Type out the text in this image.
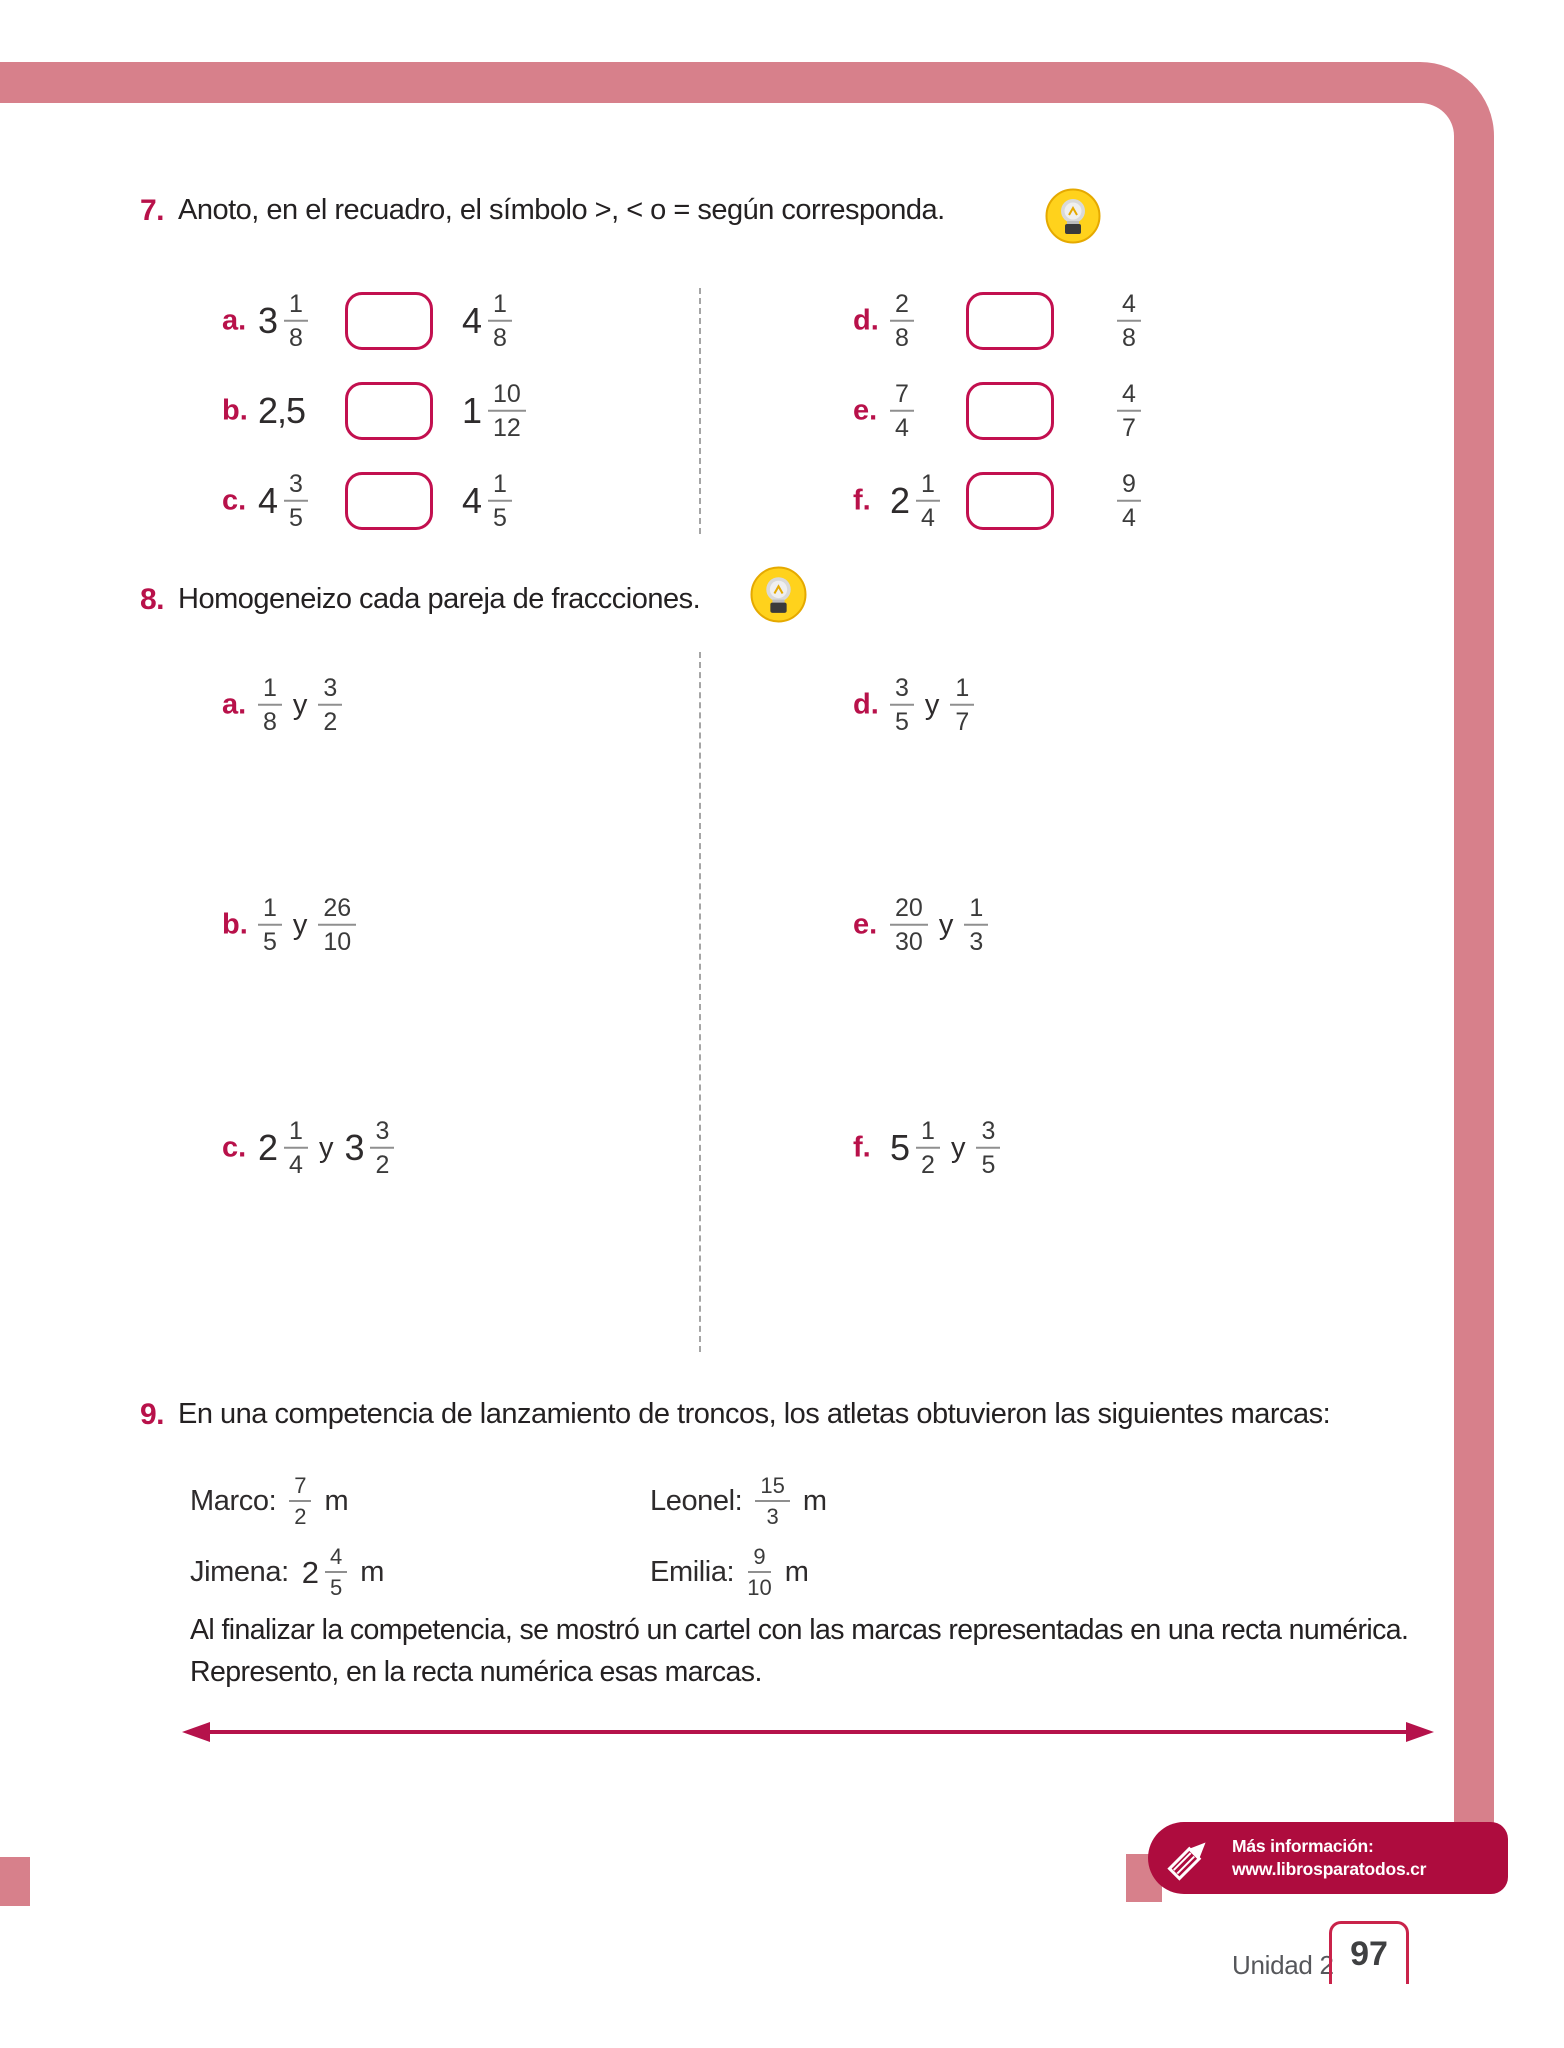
7. Anoto, en el recuadro, el símbolo >, < o = según corresponda.
a. $3 \frac{1}{8}$	$4 \frac{1}{8}$
b. 2,5	$1 \frac{10}{12}$
c. $4 \frac{3}{5}$	$4 \frac{1}{5}$
d. $\frac{2}{8}$	$\frac{4}{8}$
e. $\frac{7}{4}$	$\frac{4}{7}$
f. $2 \frac{1}{4}$	$\frac{9}{4}$
8. Homogeneizo cada pareja de fraccciones.
a. $\frac{1}{8}$ y $\frac{3}{2}$
b. $\frac{1}{5}$ y $\frac{26}{10}$
c. $2 \frac{1}{4}$ y $3 \frac{3}{2}$
d. $\frac{3}{5}$ y $\frac{1}{7}$
e. $\frac{20}{30}$ y $\frac{1}{3}$
f. $5 \frac{1}{2}$ y $\frac{3}{5}$
9. En una competencia de lanzamiento de troncos, los atletas obtuvieron las siguientes marcas:
Marco: $\frac{7}{2}$ m
Jimena: $2 \frac{4}{5}$ m
Leonel: $\frac{15}{3}$ m
Emilia: $\frac{9}{10}$ m
Al finalizar la competencia, se mostró un cartel con las marcas representadas en una recta numérica.
Represento, en la recta numérica esas marcas.
Más información:
www.librosparatodos.cr
Unidad 2 97
